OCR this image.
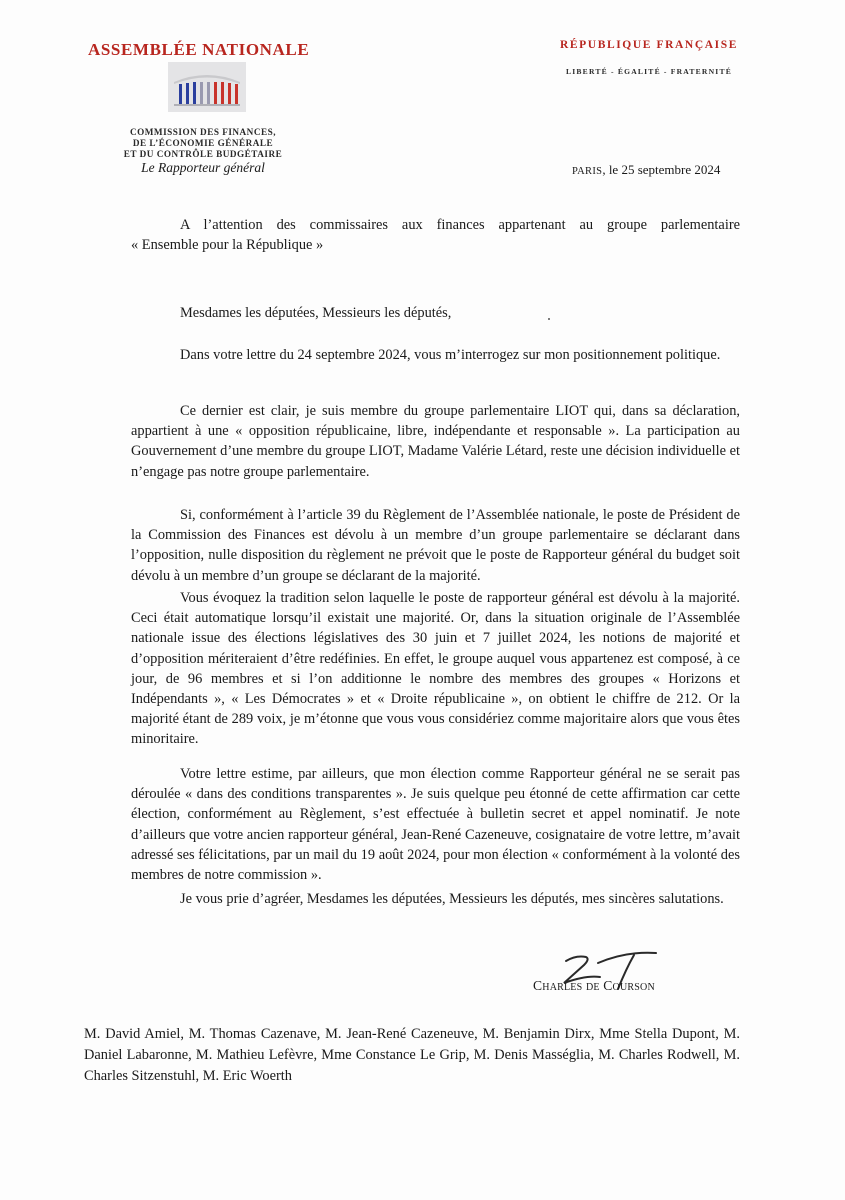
ASSEMBLÉE NATIONALE
COMMISSION DES FINANCES,
DE L’ÉCONOMIE GÉNÉRALE
ET DU CONTRÔLE BUDGÉTAIRE
Le Rapporteur général
RÉPUBLIQUE FRANÇAISE
LIBERTÉ - ÉGALITÉ - FRATERNITÉ
PARIS, le 25 septembre 2024
A l’attention des commissaires aux finances appartenant au groupe parlementaire
« Ensemble pour la République »
Mesdames les députées, Messieurs les députés,
Dans votre lettre du 24 septembre 2024, vous m’interrogez sur mon positionnement politique.
Ce dernier est clair, je suis membre du groupe parlementaire LIOT qui, dans sa déclaration, appartient à une « opposition républicaine, libre, indépendante et responsable ». La participation au Gouvernement d’une membre du groupe LIOT, Madame Valérie Létard, reste une décision individuelle et n’engage pas notre groupe parlementaire.
Si, conformément à l’article 39 du Règlement de l’Assemblée nationale, le poste de Président de la Commission des Finances est dévolu à un membre d’un groupe parlementaire se déclarant dans l’opposition, nulle disposition du règlement ne prévoit que le poste de Rapporteur général du budget soit dévolu à un membre d’un groupe se déclarant de la majorité.
Vous évoquez la tradition selon laquelle le poste de rapporteur général est dévolu à la majorité. Ceci était automatique lorsqu’il existait une majorité. Or, dans la situation originale de l’Assemblée nationale issue des élections législatives des 30 juin et 7 juillet 2024, les notions de majorité et d’opposition mériteraient d’être redéfinies. En effet, le groupe auquel vous appartenez est composé, à ce jour, de 96 membres et si l’on additionne le nombre des membres des groupes « Horizons et Indépendants », « Les Démocrates » et « Droite républicaine », on obtient le chiffre de 212. Or la majorité étant de 289 voix, je m’étonne que vous vous considériez comme majoritaire alors que vous êtes minoritaire.
Votre lettre estime, par ailleurs, que mon élection comme Rapporteur général ne se serait pas déroulée « dans des conditions transparentes ». Je suis quelque peu étonné de cette affirmation car cette élection, conformément au Règlement, s’est effectuée à bulletin secret et appel nominatif. Je note d’ailleurs que votre ancien rapporteur général, Jean-René Cazeneuve, cosignataire de votre lettre, m’avait adressé ses félicitations, par un mail du 19 août 2024, pour mon élection « conformément à la volonté des membres de notre commission ».
Je vous prie d’agréer, Mesdames les députées, Messieurs les députés, mes sincères salutations.
Charles de Courson
M. David Amiel, M. Thomas Cazenave, M. Jean-René Cazeneuve, M. Benjamin Dirx, Mme Stella Dupont, M. Daniel Labaronne, M. Mathieu Lefèvre, Mme Constance Le Grip, M. Denis Masséglia, M. Charles Rodwell, M. Charles Sitzenstuhl, M. Eric Woerth
